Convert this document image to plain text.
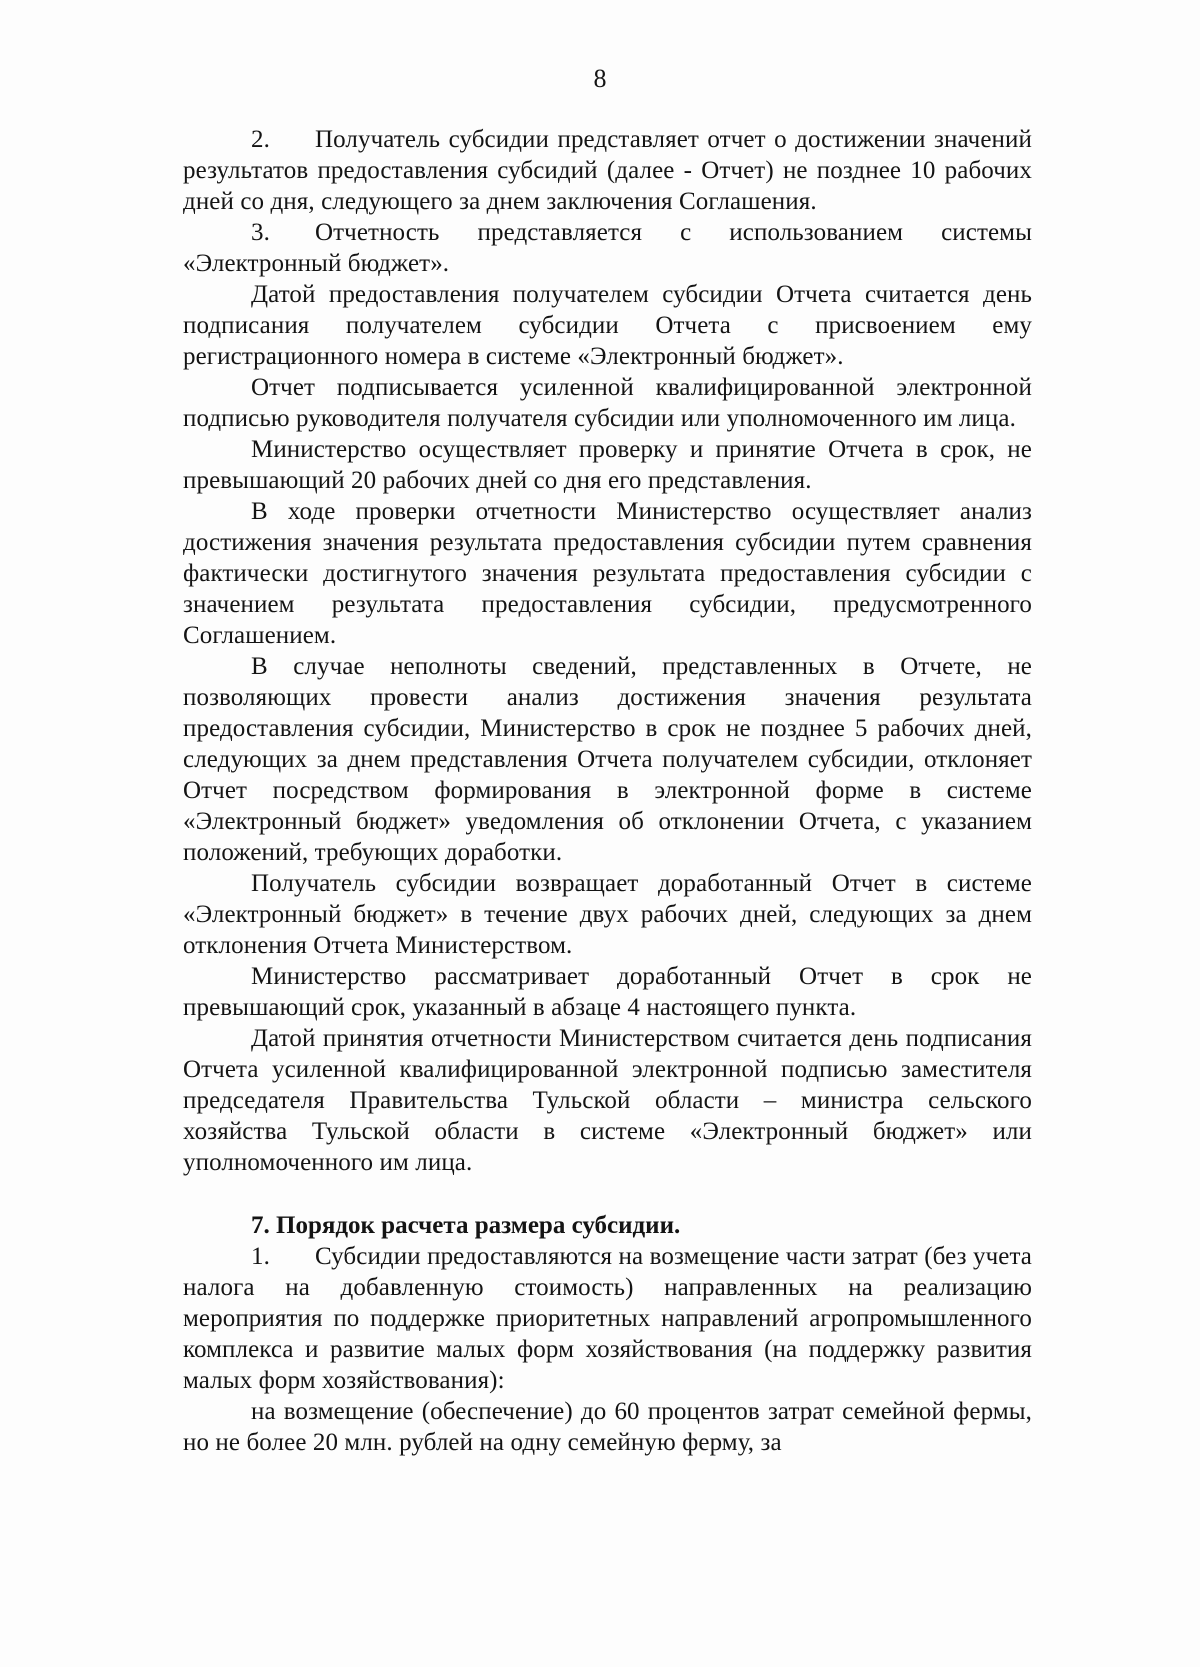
8

2. Получатель субсидии представляет отчет о достижении значений результатов предоставления субсидий (далее - Отчет) не позднее 10 рабочих дней со дня, следующего за днем заключения Соглашения.

3. Отчетность представляется с использованием системы «Электронный бюджет».

Датой предоставления получателем субсидии Отчета считается день подписания получателем субсидии Отчета с присвоением ему регистрационного номера в системе «Электронный бюджет».

Отчет подписывается усиленной квалифицированной электронной подписью руководителя получателя субсидии или уполномоченного им лица.

Министерство осуществляет проверку и принятие Отчета в срок, не превышающий 20 рабочих дней со дня его представления.

В ходе проверки отчетности Министерство осуществляет анализ достижения значения результата предоставления субсидии путем сравнения фактически достигнутого значения результата предоставления субсидии с значением результата предоставления субсидии, предусмотренного Соглашением.

В случае неполноты сведений, представленных в Отчете, не позволяющих провести анализ достижения значения результата предоставления субсидии, Министерство в срок не позднее 5 рабочих дней, следующих за днем представления Отчета получателем субсидии, отклоняет Отчет посредством формирования в электронной форме в системе «Электронный бюджет» уведомления об отклонении Отчета, с указанием положений, требующих доработки.

Получатель субсидии возвращает доработанный Отчет в системе «Электронный бюджет» в течение двух рабочих дней, следующих за днем отклонения Отчета Министерством.

Министерство рассматривает доработанный Отчет в срок не превышающий срок, указанный в абзаце 4 настоящего пункта.

Датой принятия отчетности Министерством считается день подписания Отчета усиленной квалифицированной электронной подписью заместителя председателя Правительства Тульской области – министра сельского хозяйства Тульской области в системе «Электронный бюджет» или уполномоченного им лица.

7. Порядок расчета размера субсидии.

1. Субсидии предоставляются на возмещение части затрат (без учета налога на добавленную стоимость) направленных на реализацию мероприятия по поддержке приоритетных направлений агропромышленного комплекса и развитие малых форм хозяйствования (на поддержку развития малых форм хозяйствования):

на возмещение (обеспечение) до 60 процентов затрат семейной фермы, но не более 20 млн. рублей на одну семейную ферму, за
